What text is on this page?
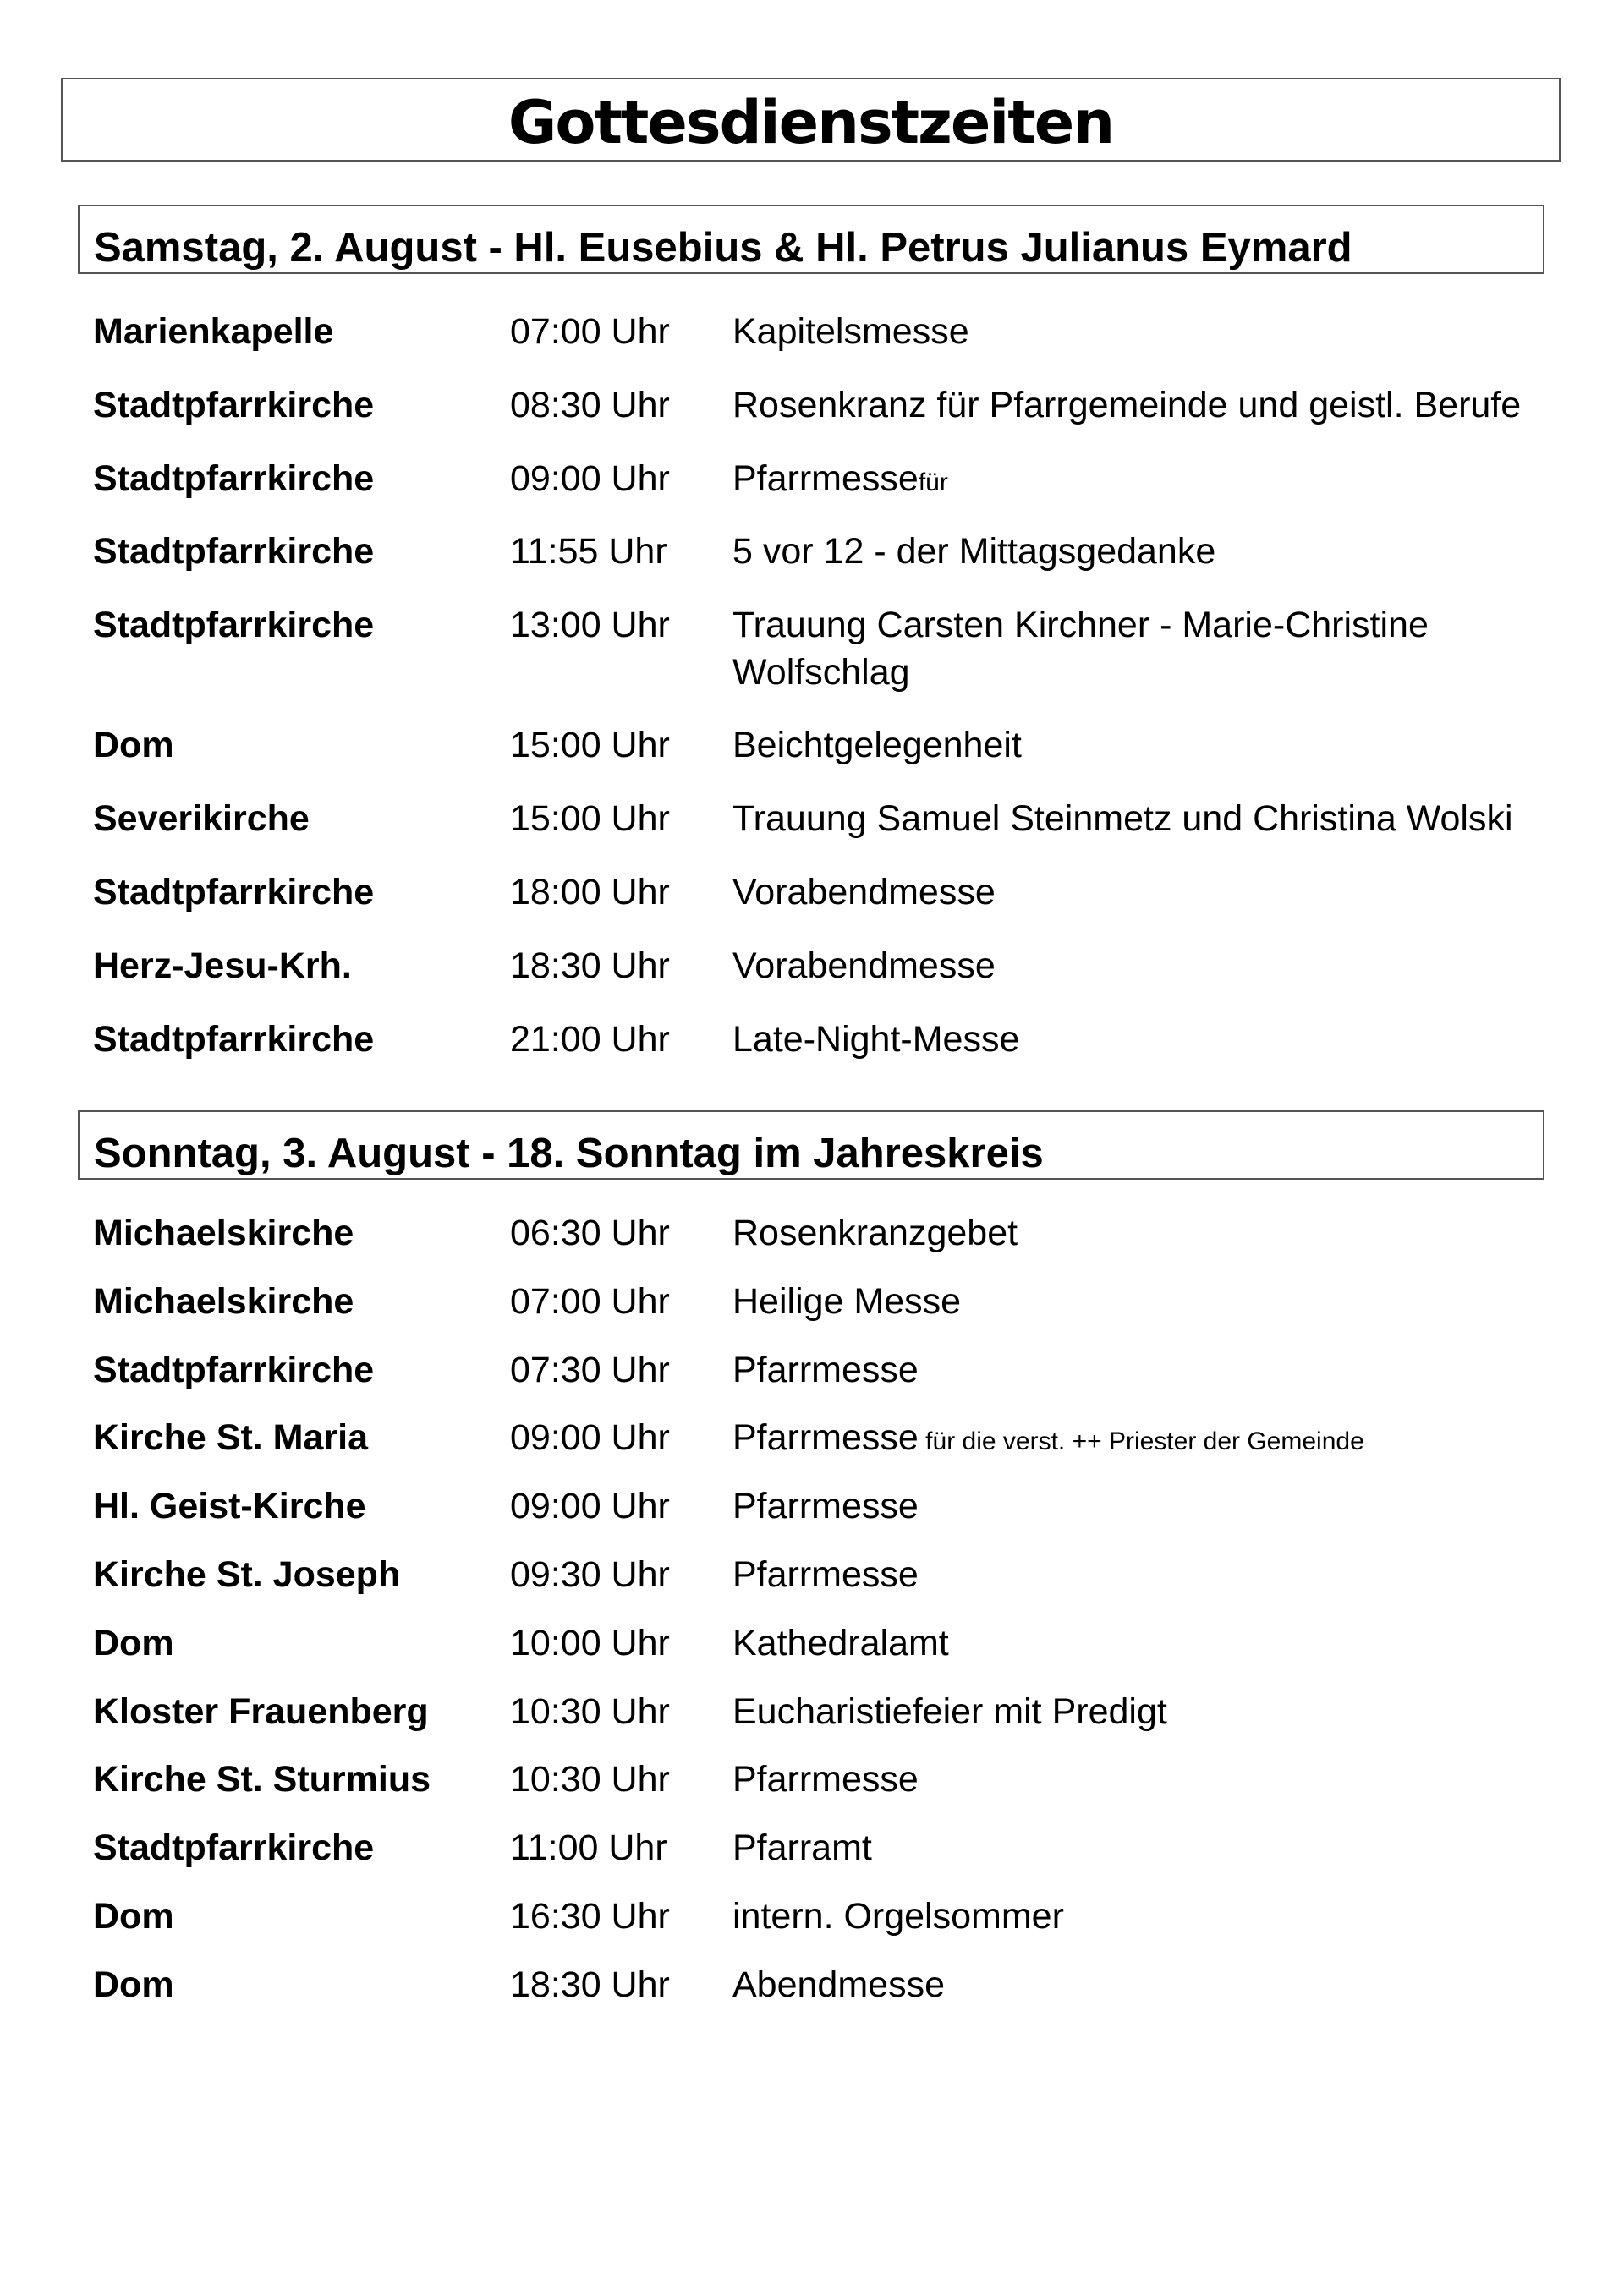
Gottesdienstzeiten
Samstag, 2. August - Hl. Eusebius & Hl. Petrus Julianus Eymard
Marienkapelle	07:00 Uhr Kapitelsmesse
Stadtpfarrkirche	08:30 Uhr Rosenkranz für Pfarrgemeinde und geistl. Berufe
Stadtpfarrkirche	09:00 Uhr Pfarrmessefür
Stadtpfarrkirche	11:55 Uhr 5 vor 12 - der Mittagsgedanke
Stadtpfarrkirche	13:00 Uhr Trauung Carsten Kirchner - Marie-Christine Wolfschlag
Dom	15:00 Uhr Beichtgelegenheit
Severikirche	15:00 Uhr Trauung Samuel Steinmetz und Christina Wolski
Stadtpfarrkirche	18:00 Uhr Vorabendmesse
Herz-Jesu-Krh.	18:30 Uhr Vorabendmesse
Stadtpfarrkirche	21:00 Uhr Late-Night-Messe
Sonntag, 3. August - 18. Sonntag im Jahreskreis
Michaelskirche	06:30 Uhr Rosenkranzgebet
Michaelskirche	07:00 Uhr Heilige Messe
Stadtpfarrkirche	07:30 Uhr Pfarrmesse
Kirche St. Maria	09:00 Uhr Pfarrmesse für die verst. ++ Priester der Gemeinde
Hl. Geist-Kirche	09:00 Uhr Pfarrmesse
Kirche St. Joseph	09:30 Uhr Pfarrmesse
Dom	10:00 Uhr Kathedralamt
Kloster Frauenberg 10:30 Uhr Eucharistiefeier mit Predigt
Kirche St. Sturmius 10:30 Uhr Pfarrmesse
Stadtpfarrkirche	11:00 Uhr Pfarramt
Dom	16:30 Uhr intern. Orgelsommer
Dom	18:30 Uhr Abendmesse
